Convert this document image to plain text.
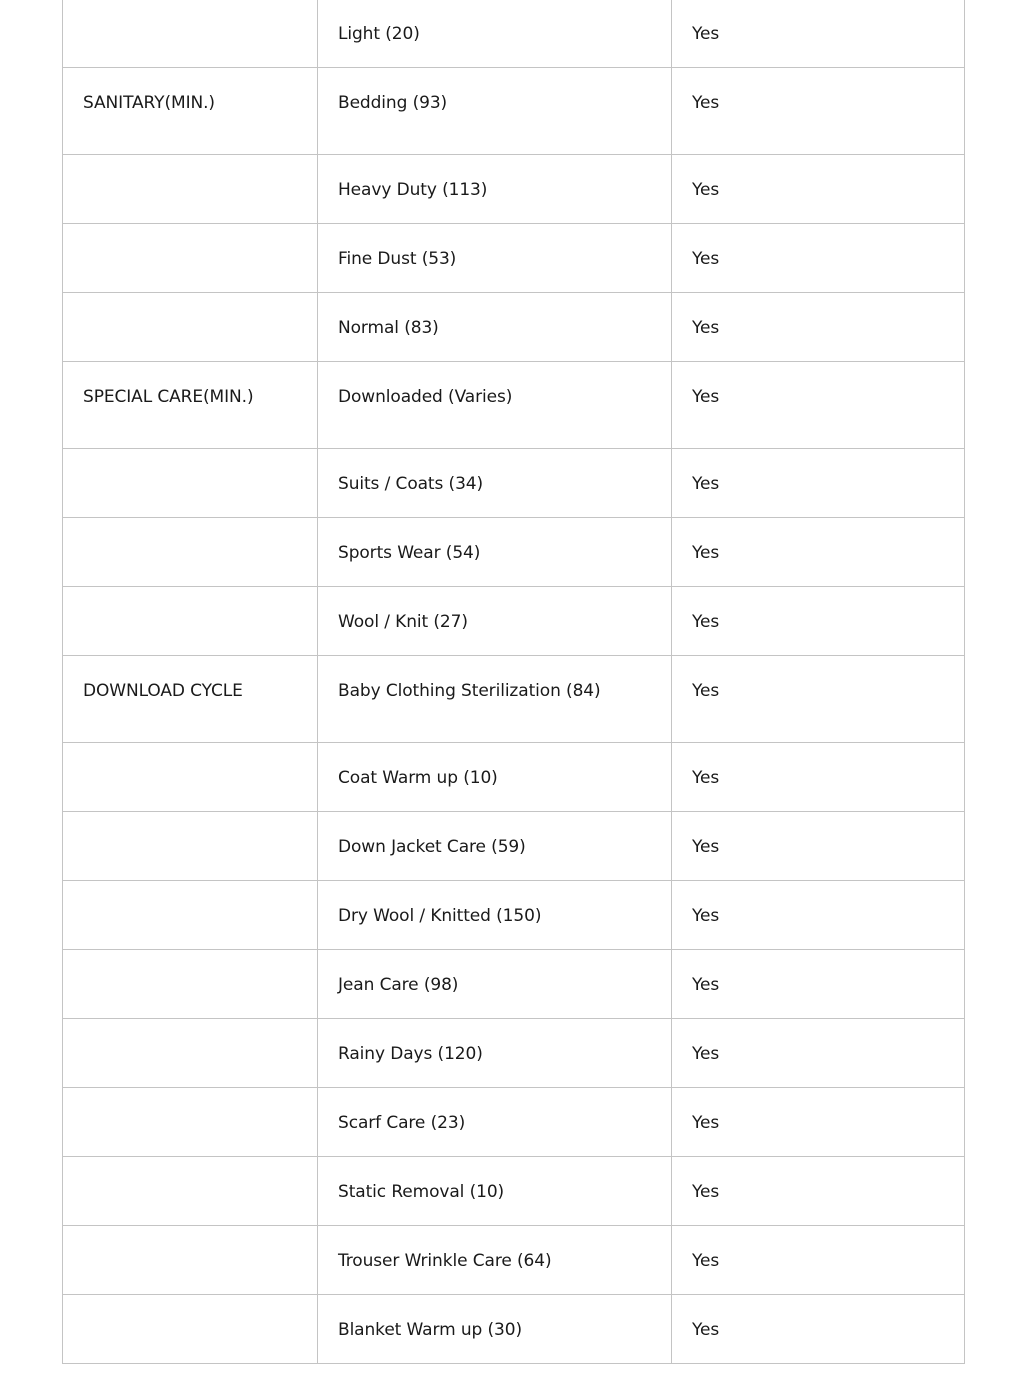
	Light (20)	Yes
SANITARY(MIN.)	Bedding (93)	Yes
	Heavy Duty (113)	Yes
	Fine Dust (53)	Yes
	Normal (83)	Yes
SPECIAL CARE(MIN.)	Downloaded (Varies)	Yes
	Suits / Coats (34)	Yes
	Sports Wear (54)	Yes
	Wool / Knit (27)	Yes
DOWNLOAD CYCLE	Baby Clothing Sterilization (84)	Yes
	Coat Warm up (10)	Yes
	Down Jacket Care (59)	Yes
	Dry Wool / Knitted (150)	Yes
	Jean Care (98)	Yes
	Rainy Days (120)	Yes
	Scarf Care (23)	Yes
	Static Removal (10)	Yes
	Trouser Wrinkle Care (64)	Yes
	Blanket Warm up (30)	Yes
